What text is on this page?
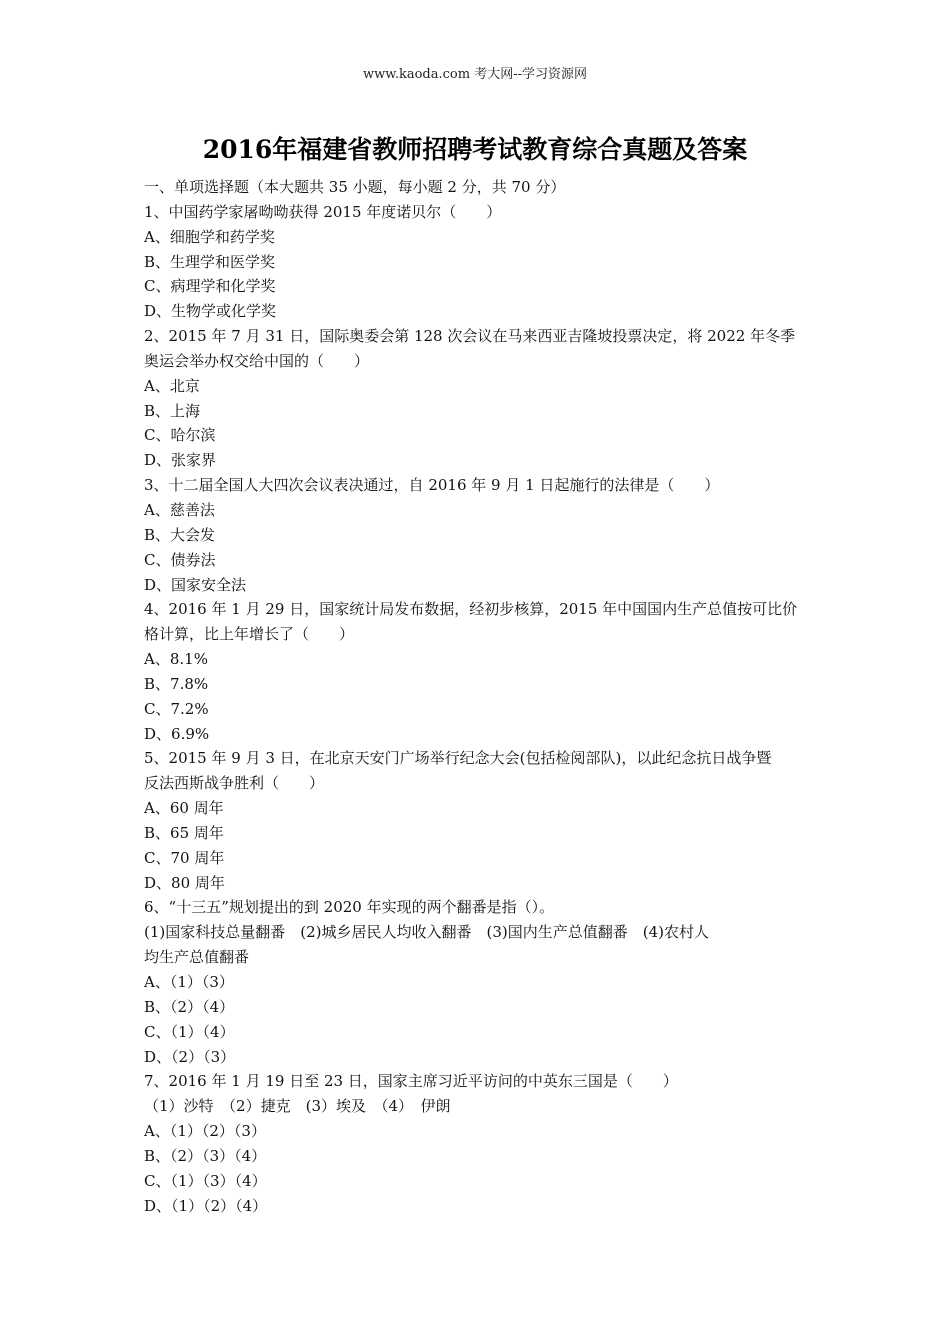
www.kaoda.com 考大网--学习资源网
2016年福建省教师招聘考试教育综合真题及答案
一、单项选择题（本大题共 35 小题，每小题 2 分，共 70 分）
1、中国药学家屠呦呦获得 2015 年度诺贝尔（　　）
A、细胞学和药学奖
B、生理学和医学奖
C、病理学和化学奖
D、生物学或化学奖
2、2015 年 7 月 31 日，国际奥委会第 128 次会议在马来西亚吉隆坡投票决定，将 2022 年冬季
奥运会举办权交给中国的（　　）
A、北京
B、上海
C、哈尔滨
D、张家界
3、十二届全国人大四次会议表决通过，自 2016 年 9 月 1 日起施行的法律是（　　）
A、慈善法
B、大会发
C、债券法
D、国家安全法
4、2016 年 1 月 29 日，国家统计局发布数据，经初步核算，2015 年中国国内生产总值按可比价
格计算，比上年增长了（　　）
A、8.1%
B、7.8%
C、7.2%
D、6.9%
5、2015 年 9 月 3 日，在北京天安门广场举行纪念大会(包括检阅部队)，以此纪念抗日战争暨
反法西斯战争胜利（　　）
A、60 周年
B、65 周年
C、70 周年
D、80 周年
6、“十三五”规划提出的到 2020 年实现的两个翻番是指（）。
(1)国家科技总量翻番　(2)城乡居民人均收入翻番　(3)国内生产总值翻番　(4)农村人
均生产总值翻番
A、（1）（3）
B、（2）（4）
C、（1）（4）
D、（2）（3）
7、2016 年 1 月 19 日至 23 日，国家主席习近平访问的中英东三国是（　　）
（1）沙特　（2）捷克　(3）埃及　（4）　伊朗
A、（1）（2）（3）
B、（2）（3）（4）
C、（1）（3）（4）
D、（1）（2）（4）
